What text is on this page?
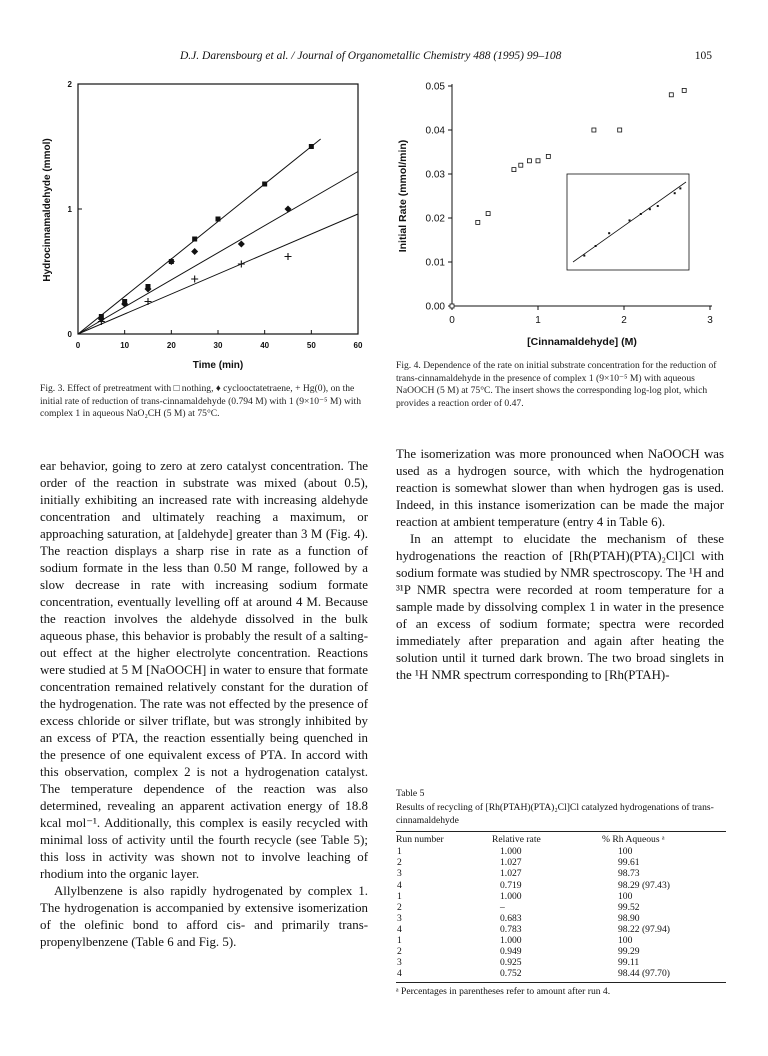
D.J. Darensbourg et al. / Journal of Organometallic Chemistry 488 (1995) 99–108	105
0	10	20	30	40	50	60
0
1
2
Time (min)
Hydrocinnamaldehyde (mmol)
Fig. 3. Effect of pretreatment with □ nothing, ♦ cyclooctatetraene, + Hg(0), on the initial rate of reduction of trans-cinnamaldehyde (0.794 M) with 1 (9×10⁻⁵ M) with complex 1 in aqueous NaO₂CH (5 M) at 75°C.
0	1	2	3
0.00
0.01
0.02
0.03
0.04
0.05
[Cinnamaldehyde] (M)
Initial Rate (mmol/min)
Fig. 4. Dependence of the rate on initial substrate concentration for the reduction of trans-cinnamaldehyde in the presence of complex 1 (9×10⁻⁵ M) with aqueous NaOOCH (5 M) at 75°C. The insert shows the corresponding log-log plot, which provides a reaction order of 0.47.

ear behavior, going to zero at zero catalyst concentration. The order of the reaction in substrate was mixed (about 0.5), initially exhibiting an increased rate with increasing aldehyde concentration and ultimately reaching a maximum, or approaching saturation, at [aldehyde] greater than 3 M (Fig. 4). The reaction displays a sharp rise in rate as a function of sodium formate in the less than 0.50 M range, followed by a slow decrease in rate with increasing sodium formate concentration, eventually levelling off at around 4 M. Because the reaction involves the aldehyde dissolved in the bulk aqueous phase, this behavior is probably the result of a salting-out effect at the higher electrolyte concentration. Reactions were studied at 5 M [NaOOCH] in water to ensure that formate concentration remained relatively constant for the duration of the hydrogenation. The rate was not effected by the presence of excess chloride or silver triflate, but was strongly inhibited by an excess of PTA, the reaction essentially being quenched in the presence of one equivalent excess of PTA. In accord with this observation, complex 2 is not a hydrogenation catalyst. The temperature dependence of the reaction was also determined, revealing an apparent activation energy of 18.8 kcal mol⁻¹. Additionally, this complex is easily recycled with minimal loss of activity until the fourth recycle (see Table 5); this loss in activity was shown not to involve leaching of rhodium into the organic layer.

Allylbenzene is also rapidly hydrogenated by complex 1. The hydrogenation is accompanied by extensive isomerization of the olefinic bond to afford cis- and primarily trans-propenylbenzene (Table 6 and Fig. 5).

The isomerization was more pronounced when NaOOCH was used as a hydrogen source, with which the hydrogenation reaction is somewhat slower than when hydrogen gas is used. Indeed, in this instance isomerization can be made the major reaction at ambient temperature (entry 4 in Table 6).

In an attempt to elucidate the mechanism of these hydrogenations the reaction of [Rh(PTAH)(PTA)₂Cl]Cl with sodium formate was studied by NMR spectroscopy. The ¹H and ³¹P NMR spectra were recorded at room temperature for a sample made by dissolving complex 1 in water in the presence of an excess of sodium formate; spectra were recorded immediately after preparation and again after heating the solution until it turned dark brown. The two broad singlets in the ¹H NMR spectrum corresponding to [Rh(PTAH)-

Table 5
Results of recycling of [Rh(PTAH)(PTA)₂Cl]Cl catalyzed hydrogenations of trans-cinnamaldehyde
Run number	Relative rate	% Rh Aqueous ᵃ
1	1.000	100
2	1.027	99.61
3	1.027	98.73
4	0.719	98.29 (97.43)
1	1.000	100
2	–	99.52
3	0.683	98.90
4	0.783	98.22 (97.94)
1	1.000	100
2	0.949	99.29
3	0.925	99.11
4	0.752	98.44 (97.70)
ᵃ Percentages in parentheses refer to amount after run 4.
